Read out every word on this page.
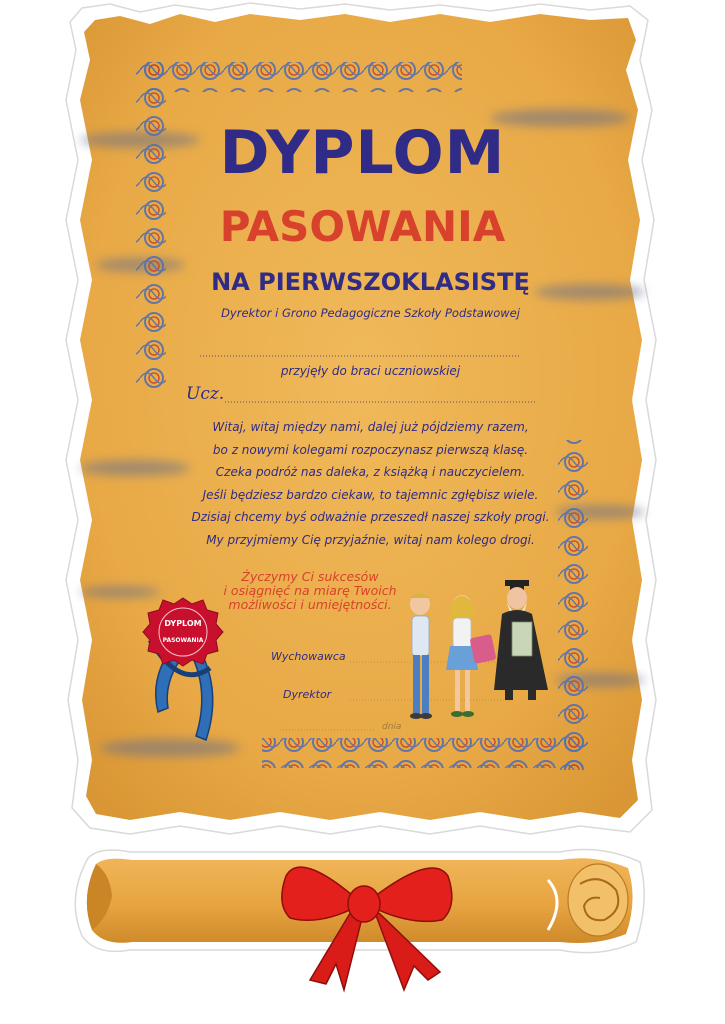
DYPLOM
PASOWANIA
DYPLOM
PASOWANIA
NA PIERWSZOKLASISTĘ
Dyrektor i Grono Pedagogiczne Szkoły Podstawowej
przyjęły do braci uczniowskiej
Ucz.
Witaj, witaj między nami, dalej już pójdziemy razem,
bo z nowymi kolegami rozpoczynasz pierwszą klasę.
Czeka podróż nas daleka, z książką i nauczycielem.
Jeśli będziesz bardzo ciekaw, to tajemnic zgłębisz wiele.
Dzisiaj chcemy byś odważnie przeszedł naszej szkoły progi.
My przyjmiemy Cię przyjaźnie, witaj nam kolego drogi.
Życzymy Ci sukcesów
i osiągnięć na miarę Twoich
możliwości i umiejętności.
Wychowawca
Dyrektor
dnia
